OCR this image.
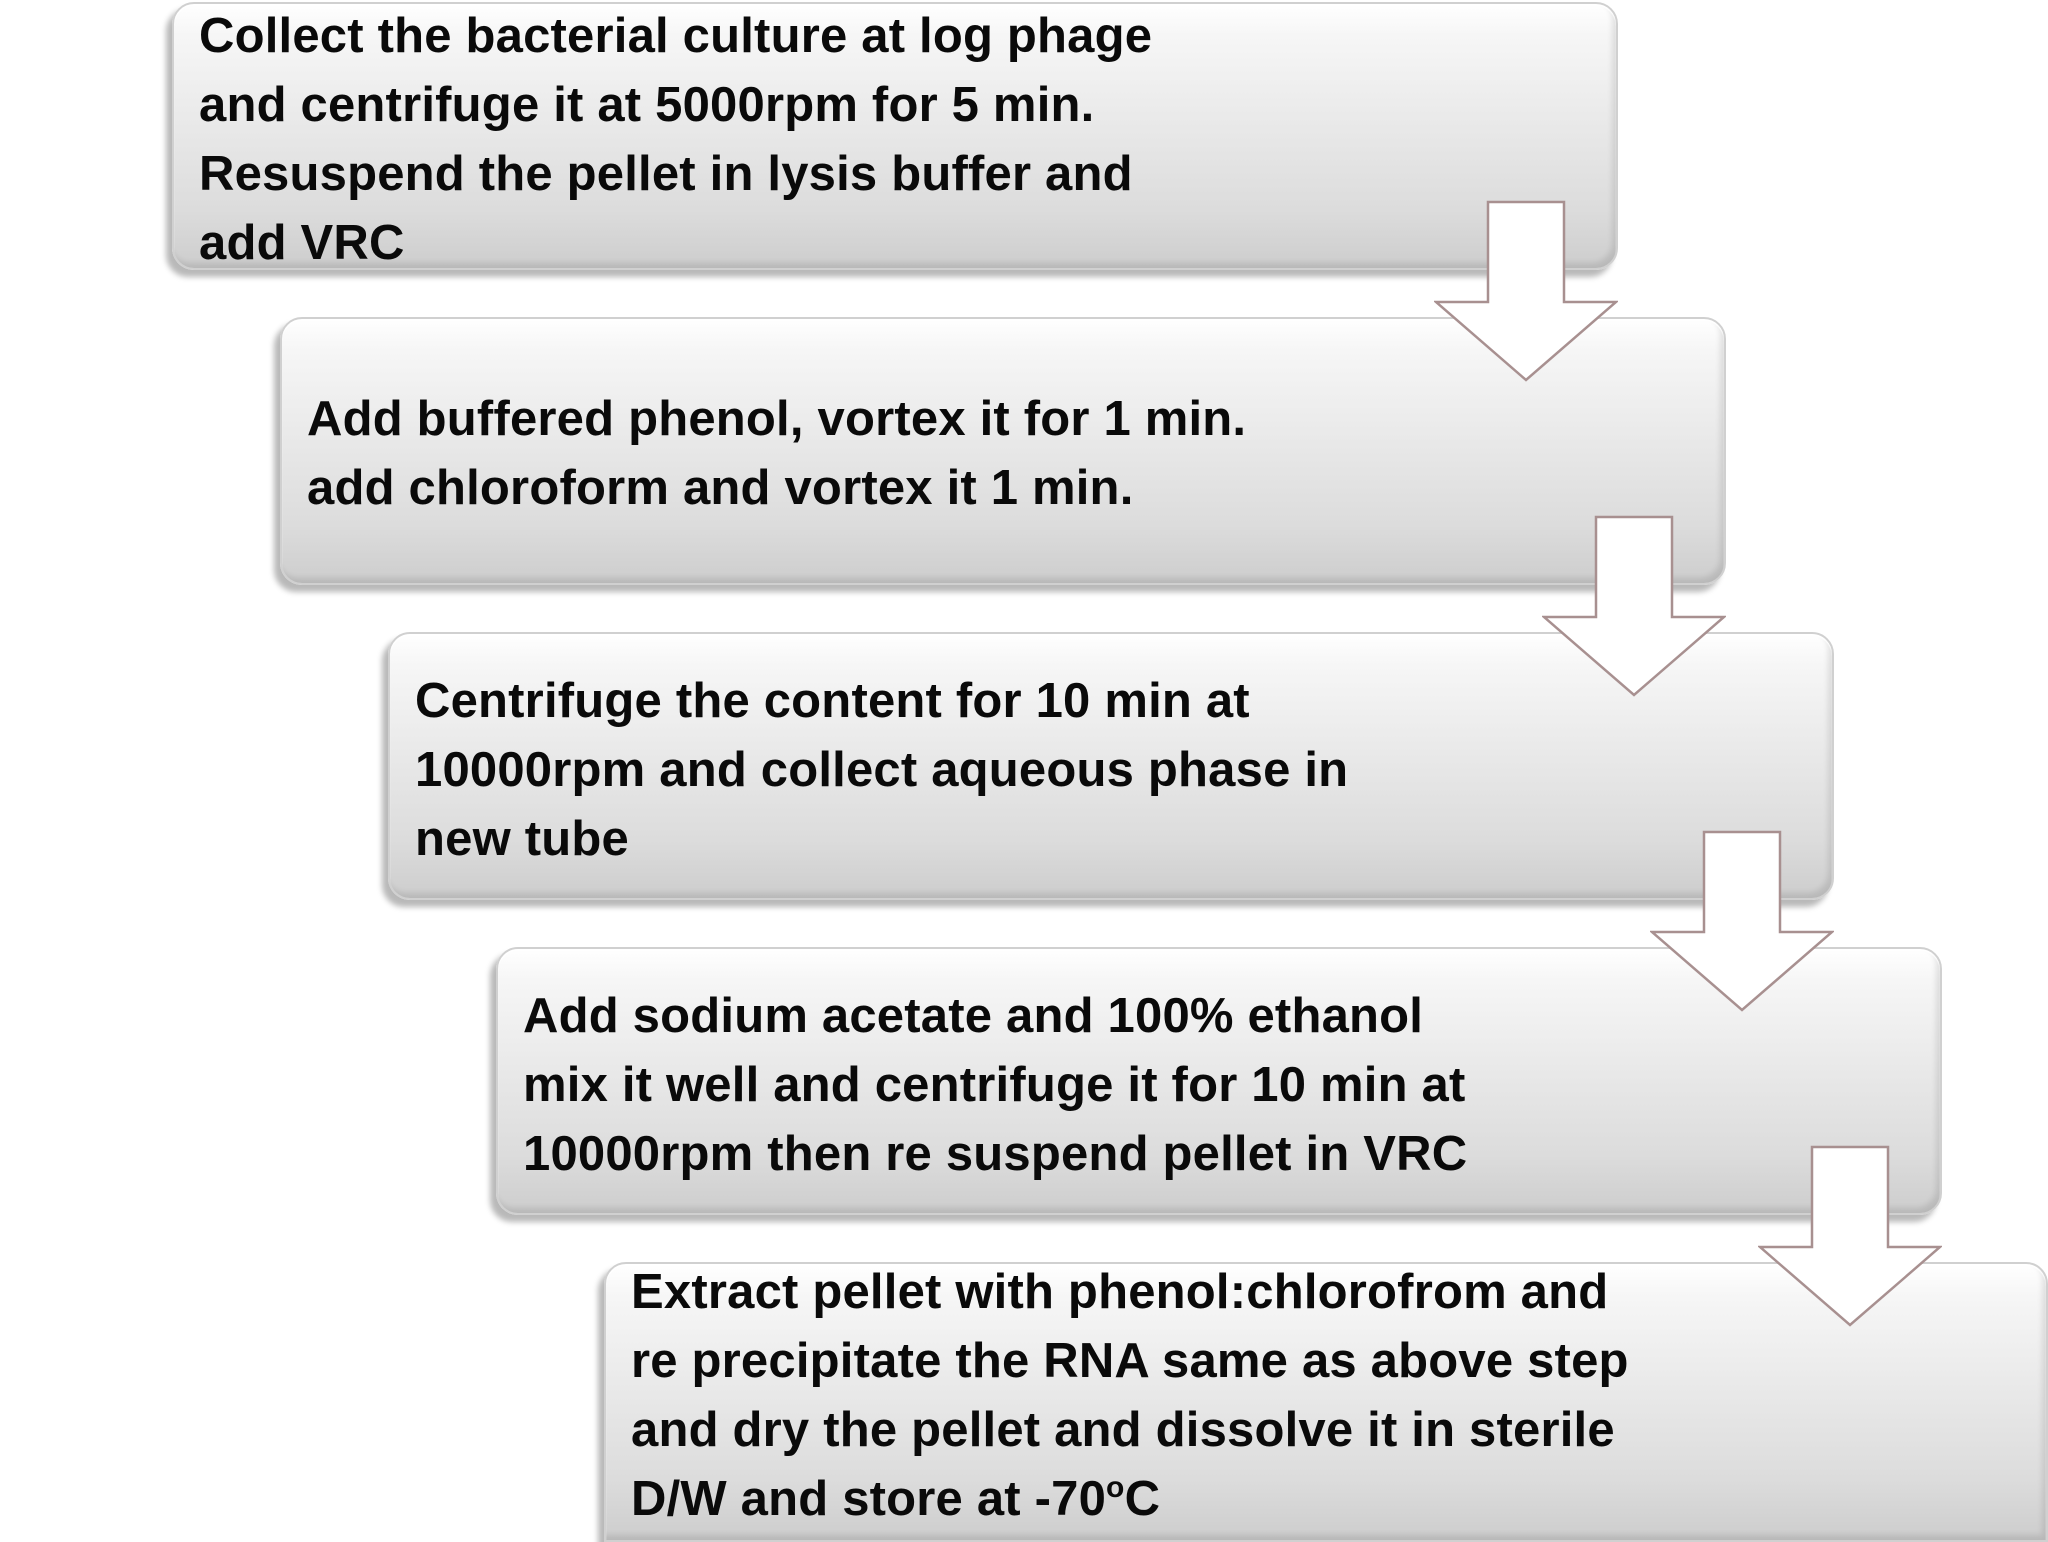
Collect the bacterial culture at log phage
and centrifuge it at 5000rpm for 5 min.
Resuspend the pellet in lysis buffer and
add VRC
Add buffered phenol, vortex it for 1 min.
add chloroform and vortex it 1 min.
Centrifuge the content for 10 min at
10000rpm and collect aqueous phase in
new tube
Add sodium acetate and 100% ethanol
mix it well and centrifuge it for 10 min at
10000rpm then re suspend pellet in VRC
Extract pellet with phenol:chlorofrom and
re precipitate the RNA same as above step
and dry the pellet and dissolve it in sterile
D/W and store at -70$^o$C
